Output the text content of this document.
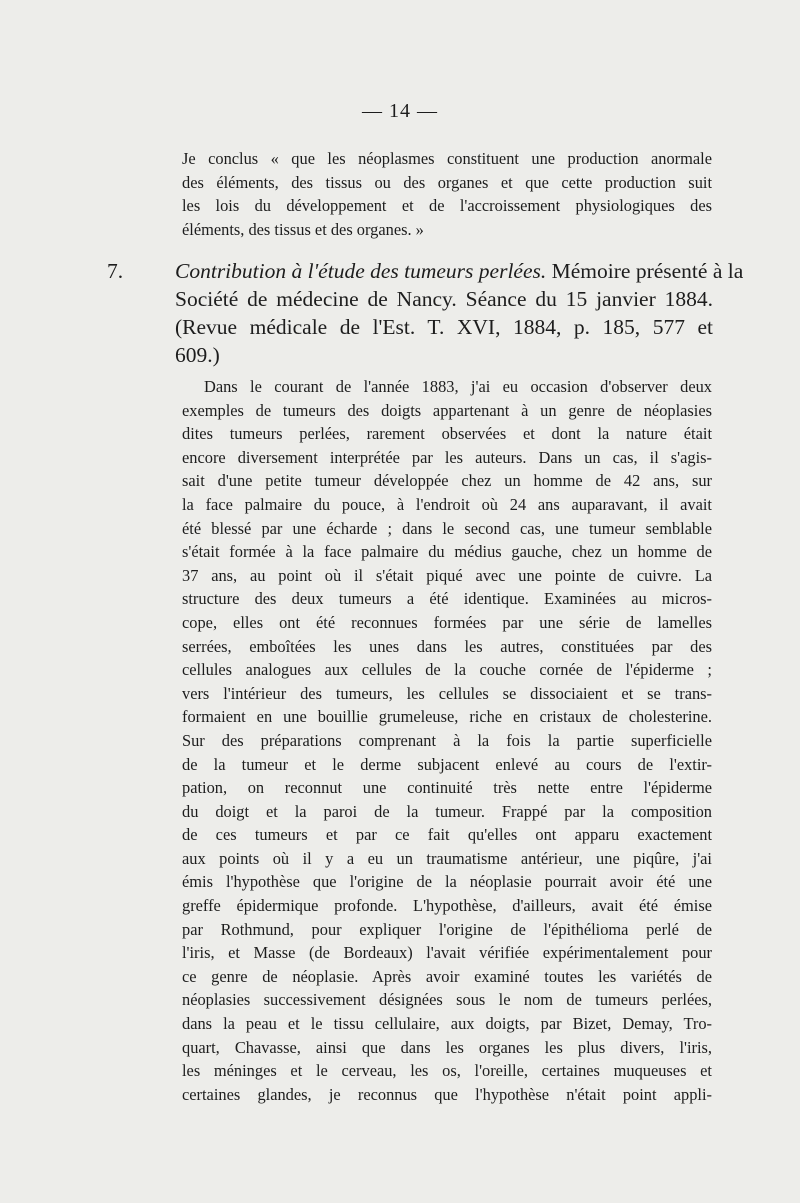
— 14 —
Je conclus « que les néoplasmes constituent une production anormale
des éléments, des tissus ou des organes et que cette production suit
les lois du développement et de l'accroissement physiologiques des
éléments, des tissus et des organes. »
7. Contribution à l'étude des tumeurs perlées. Mémoire présenté à la
Société de médecine de Nancy. Séance du 15 janvier 1884.
(Revue médicale de l'Est. T. XVI, 1884, p. 185, 577 et
609.)
Dans le courant de l'année 1883, j'ai eu occasion d'observer deux
exemples de tumeurs des doigts appartenant à un genre de néoplasies
dites tumeurs perlées, rarement observées et dont la nature était
encore diversement interprétée par les auteurs. Dans un cas, il s'agis-
sait d'une petite tumeur développée chez un homme de 42 ans, sur
la face palmaire du pouce, à l'endroit où 24 ans auparavant, il avait
été blessé par une écharde ; dans le second cas, une tumeur semblable
s'était formée à la face palmaire du médius gauche, chez un homme de
37 ans, au point où il s'était piqué avec une pointe de cuivre. La
structure des deux tumeurs a été identique. Examinées au micros-
cope, elles ont été reconnues formées par une série de lamelles
serrées, emboîtées les unes dans les autres, constituées par des
cellules analogues aux cellules de la couche cornée de l'épiderme ;
vers l'intérieur des tumeurs, les cellules se dissociaient et se trans-
formaient en une bouillie grumeleuse, riche en cristaux de cholesterine.
Sur des préparations comprenant à la fois la partie superficielle
de la tumeur et le derme subjacent enlevé au cours de l'extir-
pation, on reconnut une continuité très nette entre l'épiderme
du doigt et la paroi de la tumeur. Frappé par la composition
de ces tumeurs et par ce fait qu'elles ont apparu exactement
aux points où il y a eu un traumatisme antérieur, une piqûre, j'ai
émis l'hypothèse que l'origine de la néoplasie pourrait avoir été une
greffe épidermique profonde. L'hypothèse, d'ailleurs, avait été émise
par Rothmund, pour expliquer l'origine de l'épithélioma perlé de
l'iris, et Masse (de Bordeaux) l'avait vérifiée expérimentalement pour
ce genre de néoplasie. Après avoir examiné toutes les variétés de
néoplasies successivement désignées sous le nom de tumeurs perlées,
dans la peau et le tissu cellulaire, aux doigts, par Bizet, Demay, Tro-
quart, Chavasse, ainsi que dans les organes les plus divers, l'iris,
les méninges et le cerveau, les os, l'oreille, certaines muqueuses et
certaines glandes, je reconnus que l'hypothèse n'était point appli-
